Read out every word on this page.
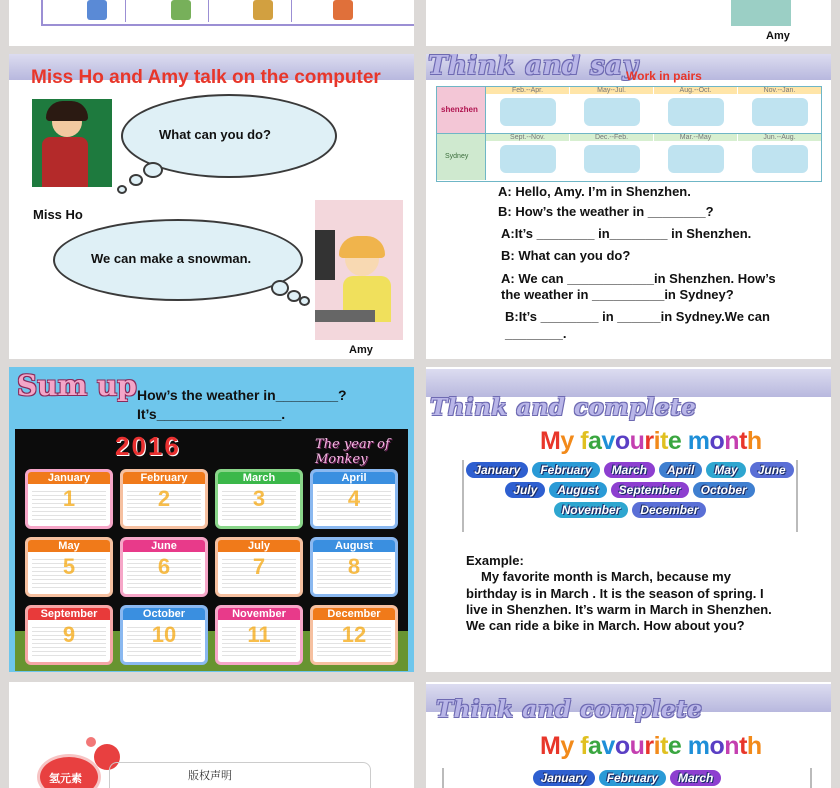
Amy
Miss Ho and Amy talk on the computer
What can you do?
Miss Ho
We can make a snowman.
Amy
Think and say
Work in pairs
shenzhen
Sydney
Feb.--Apr.	May--Jul.	Aug.--Oct.	Nov.--Jan.
Sept.--Nov.	Dec.--Feb.	Mar.--May	Jun.--Aug.
A: Hello, Amy. I’m in Shenzhen.
B: How’s the weather in ________?
A:It’s ________ in________ in Shenzhen.
B: What can you do?
A: We can ____________in Shenzhen. How’s
the weather in __________in Sydney?
B:It’s ________ in ______in Sydney.We can
________.
Sum up How’s the weather in________?
It’s________________.
2016	The year of Monkey
January
1
February
2
March
3
April
4
May
5
June
6
July
7
August
8
September
9
October
10
November
11
December
12
Think and complete
My favourite month
January February March April May JuneJuly August September OctoberNovember December
Example:
My favorite month is March, because my
birthday is in March . It is the season of spring. I
live in Shenzhen. It’s warm in March in Shenzhen.
We can ride a bike in March. How about you?
氢元素	版权声明
Think and complete
My favourite month
January February March
